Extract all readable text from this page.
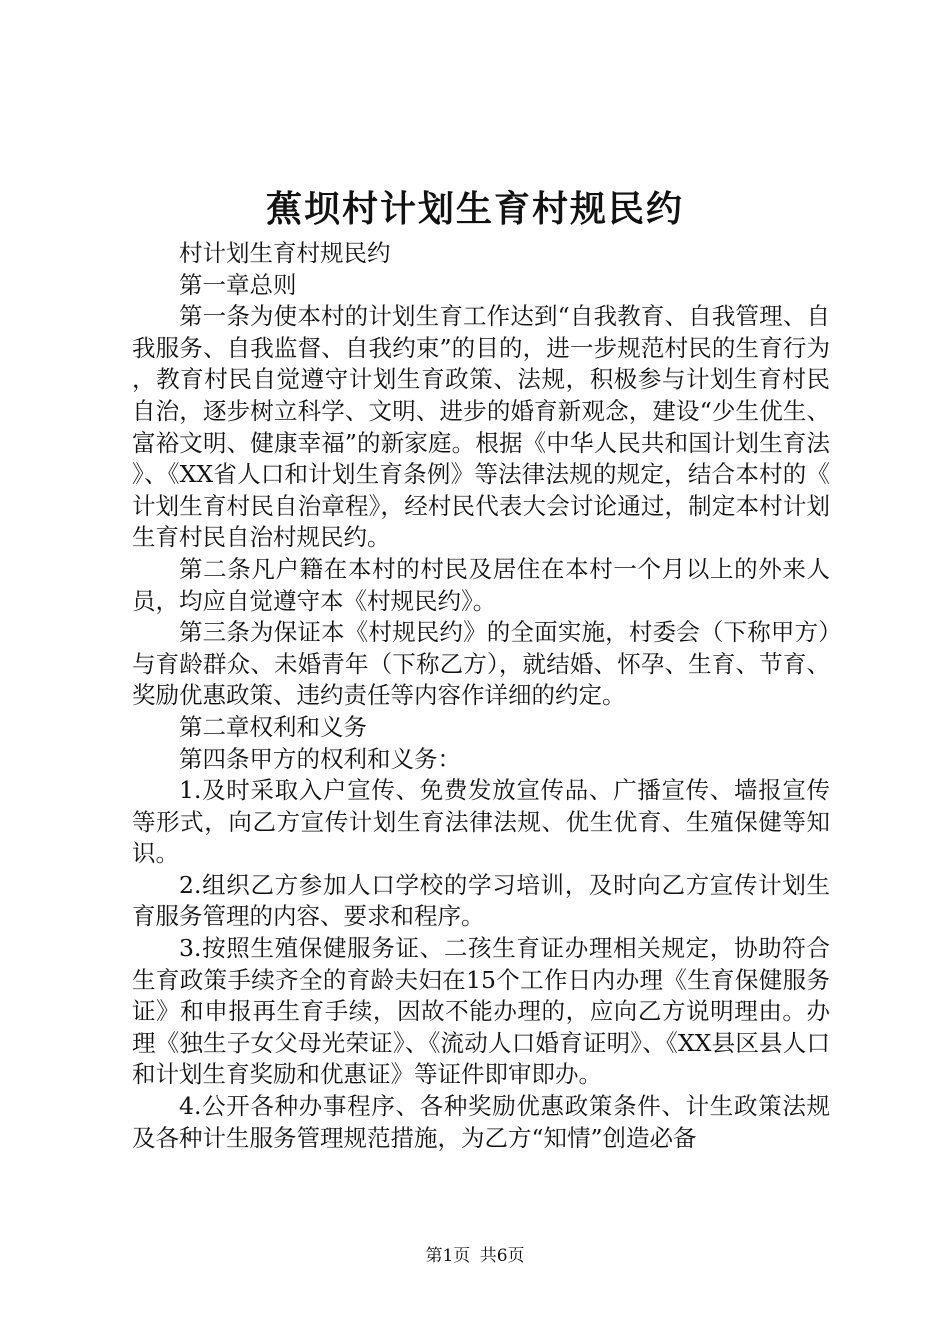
蕉坝村计划生育村规民约

村计划生育村规民约

第一章总则

第一条为使本村的计划生育工作达到“自我教育、自我管理、自我服务、自我监督、自我约束”的目的，进一步规范村民的生育行为，教育村民自觉遵守计划生育政策、法规，积极参与计划生育村民自治，逐步树立科学、文明、进步的婚育新观念，建设“少生优生、富裕文明、健康幸福”的新家庭。根据《中华人民共和国计划生育法》、《XX省人口和计划生育条例》等法律法规的规定，结合本村的《计划生育村民自治章程》，经村民代表大会讨论通过，制定本村计划生育村民自治村规民约。

第二条凡户籍在本村的村民及居住在本村一个月以上的外来人员，均应自觉遵守本《村规民约》。

第三条为保证本《村规民约》的全面实施，村委会（下称甲方）与育龄群众、未婚青年（下称乙方），就结婚、怀孕、生育、节育、奖励优惠政策、违约责任等内容作详细的约定。

第二章权利和义务

第四条甲方的权利和义务：

1.及时采取入户宣传、免费发放宣传品、广播宣传、墙报宣传等形式，向乙方宣传计划生育法律法规、优生优育、生殖保健等知识。

2.组织乙方参加人口学校的学习培训，及时向乙方宣传计划生育服务管理的内容、要求和程序。

3.按照生殖保健服务证、二孩生育证办理相关规定，协助符合生育政策手续齐全的育龄夫妇在15个工作日内办理《生育保健服务证》和申报再生育手续，因故不能办理的，应向乙方说明理由。办理《独生子女父母光荣证》、《流动人口婚育证明》、《XX县区县人口和计划生育奖励和优惠证》等证件即审即办。

4.公开各种办事程序、各种奖励优惠政策条件、计生政策法规及各种计生服务管理规范措施，为乙方“知情”创造必备

第1页 共6页
